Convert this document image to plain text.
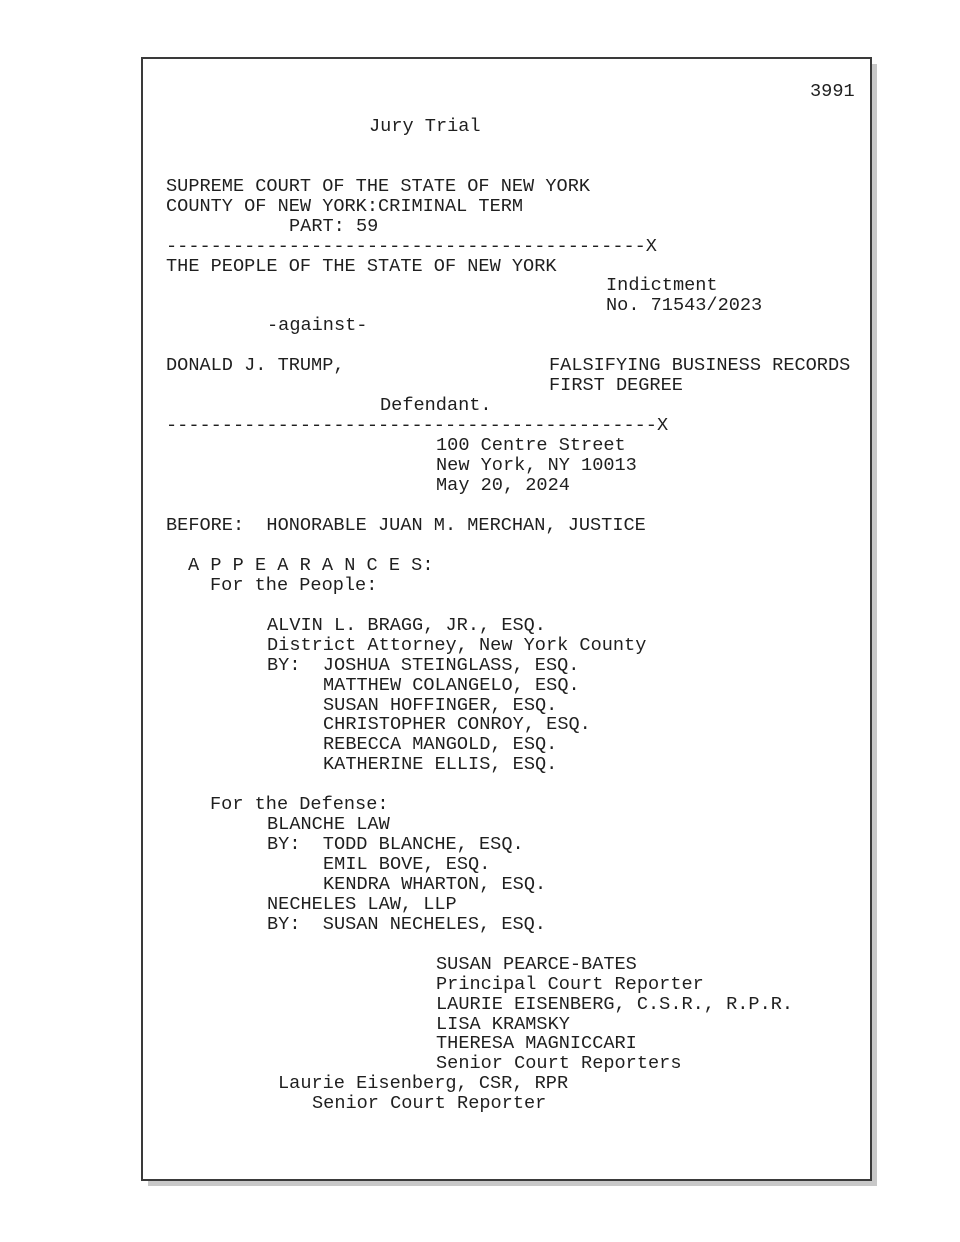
3991

Jury Trial

SUPREME COURT OF THE STATE OF NEW YORK

COUNTY OF NEW YORK:CRIMINAL TERM

PART: 59

-------------------------------------------X

THE PEOPLE OF THE STATE OF NEW YORK

Indictment

No. 71543/2023

-against-

DONALD J. TRUMP,	FALSIFYING BUSINESS RECORDS

FIRST DEGREE

Defendant.

--------------------------------------------X

100 Centre Street

New York, NY 10013

May 20, 2024

BEFORE:  HONORABLE JUAN M. MERCHAN, JUSTICE

A P P E A R A N C E S:

For the People:

ALVIN L. BRAGG, JR., ESQ.

District Attorney, New York County

BY:  JOSHUA STEINGLASS, ESQ.

MATTHEW COLANGELO, ESQ.

SUSAN HOFFINGER, ESQ.

CHRISTOPHER CONROY, ESQ.

REBECCA MANGOLD, ESQ.

KATHERINE ELLIS, ESQ.

For the Defense:

BLANCHE LAW

BY:  TODD BLANCHE, ESQ.

EMIL BOVE, ESQ.

KENDRA WHARTON, ESQ.

NECHELES LAW, LLP

BY:  SUSAN NECHELES, ESQ.

SUSAN PEARCE-BATES

Principal Court Reporter

LAURIE EISENBERG, C.S.R., R.P.R.

LISA KRAMSKY

THERESA MAGNICCARI

Senior Court Reporters

Laurie Eisenberg, CSR, RPR

Senior Court Reporter
